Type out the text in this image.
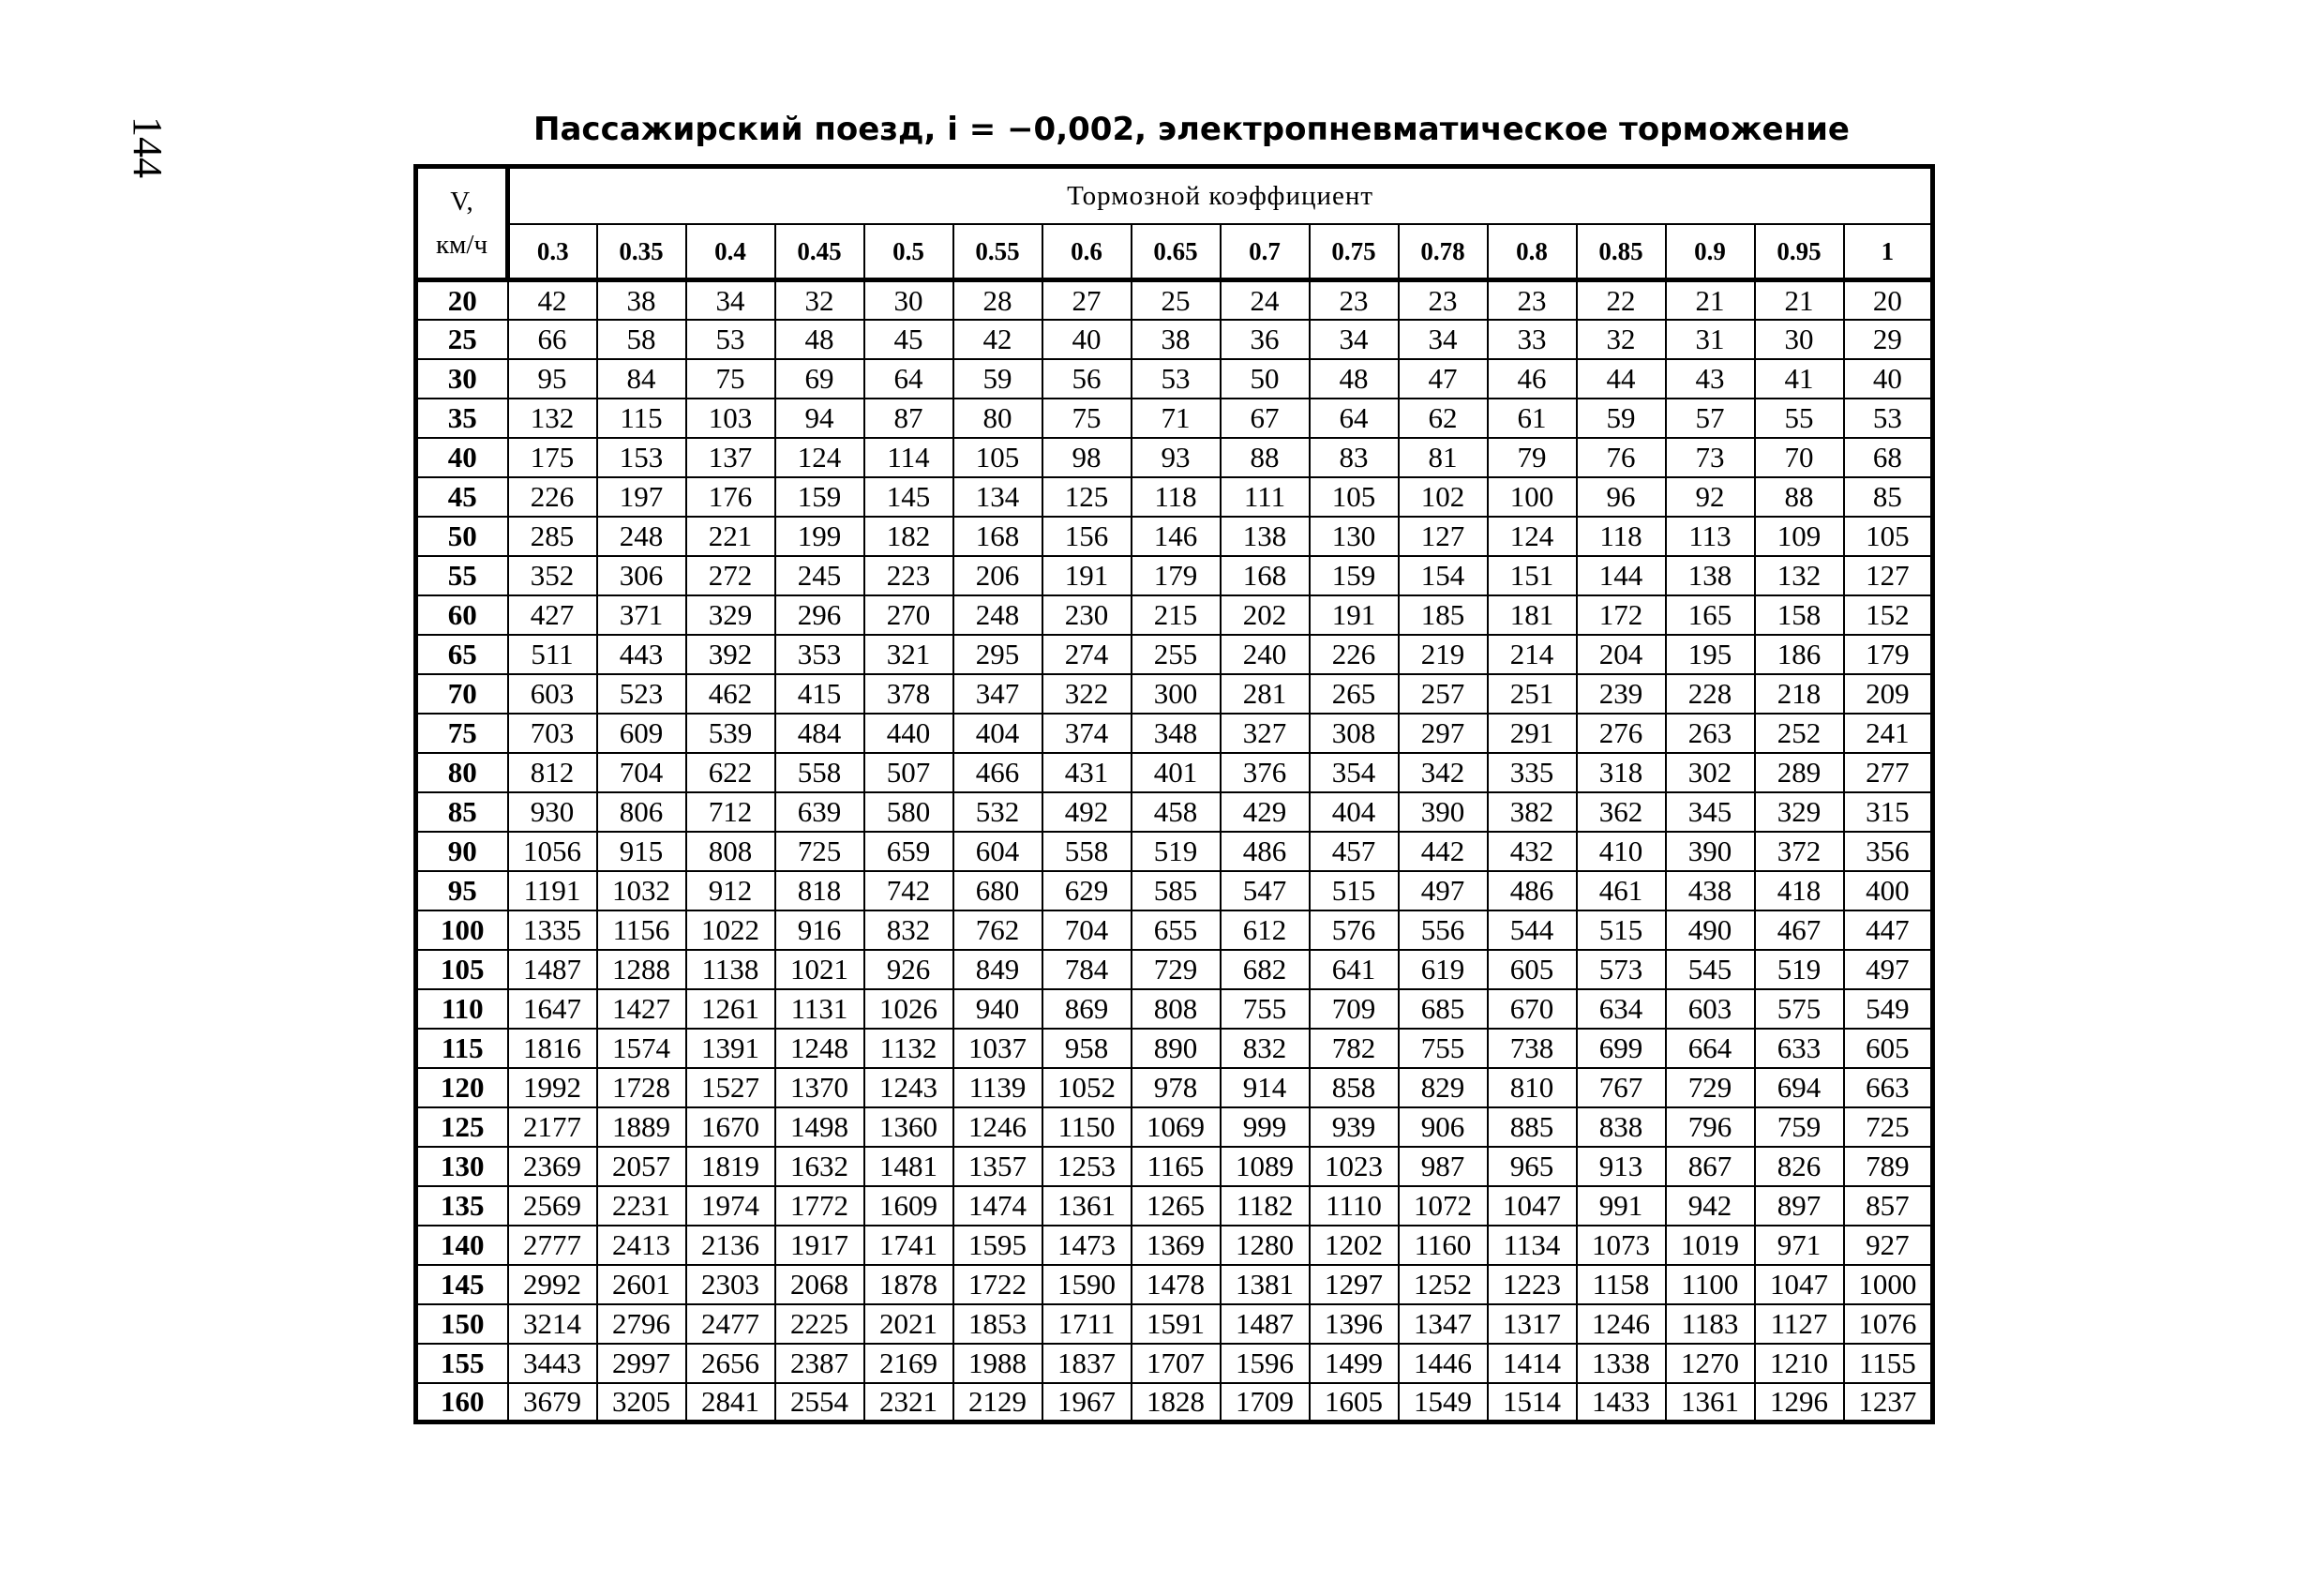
144	Пассажирский поезд, i = −0,002, электропневматическое торможение
V,
км/ч	Тормозной коэффициент															
	0.3	0.35	0.4	0.45	0.5	0.55	0.6	0.65	0.7	0.75	0.78	0.8	0.85	0.9	0.95	1
20	42	38	34	32	30	28	27	25	24	23	23	23	22	21	21	20
25	66	58	53	48	45	42	40	38	36	34	34	33	32	31	30	29
30	95	84	75	69	64	59	56	53	50	48	47	46	44	43	41	40
35	132	115	103	94	87	80	75	71	67	64	62	61	59	57	55	53
40	175	153	137	124	114	105	98	93	88	83	81	79	76	73	70	68
45	226	197	176	159	145	134	125	118	111	105	102	100	96	92	88	85
50	285	248	221	199	182	168	156	146	138	130	127	124	118	113	109	105
55	352	306	272	245	223	206	191	179	168	159	154	151	144	138	132	127
60	427	371	329	296	270	248	230	215	202	191	185	181	172	165	158	152
65	511	443	392	353	321	295	274	255	240	226	219	214	204	195	186	179
70	603	523	462	415	378	347	322	300	281	265	257	251	239	228	218	209
75	703	609	539	484	440	404	374	348	327	308	297	291	276	263	252	241
80	812	704	622	558	507	466	431	401	376	354	342	335	318	302	289	277
85	930	806	712	639	580	532	492	458	429	404	390	382	362	345	329	315
90	1056	915	808	725	659	604	558	519	486	457	442	432	410	390	372	356
95	1191	1032	912	818	742	680	629	585	547	515	497	486	461	438	418	400
100	1335	1156	1022	916	832	762	704	655	612	576	556	544	515	490	467	447
105	1487	1288	1138	1021	926	849	784	729	682	641	619	605	573	545	519	497
110	1647	1427	1261	1131	1026	940	869	808	755	709	685	670	634	603	575	549
115	1816	1574	1391	1248	1132	1037	958	890	832	782	755	738	699	664	633	605
120	1992	1728	1527	1370	1243	1139	1052	978	914	858	829	810	767	729	694	663
125	2177	1889	1670	1498	1360	1246	1150	1069	999	939	906	885	838	796	759	725
130	2369	2057	1819	1632	1481	1357	1253	1165	1089	1023	987	965	913	867	826	789
135	2569	2231	1974	1772	1609	1474	1361	1265	1182	1110	1072	1047	991	942	897	857
140	2777	2413	2136	1917	1741	1595	1473	1369	1280	1202	1160	1134	1073	1019	971	927
145	2992	2601	2303	2068	1878	1722	1590	1478	1381	1297	1252	1223	1158	1100	1047	1000
150	3214	2796	2477	2225	2021	1853	1711	1591	1487	1396	1347	1317	1246	1183	1127	1076
155	3443	2997	2656	2387	2169	1988	1837	1707	1596	1499	1446	1414	1338	1270	1210	1155
160	3679	3205	2841	2554	2321	2129	1967	1828	1709	1605	1549	1514	1433	1361	1296	1237
